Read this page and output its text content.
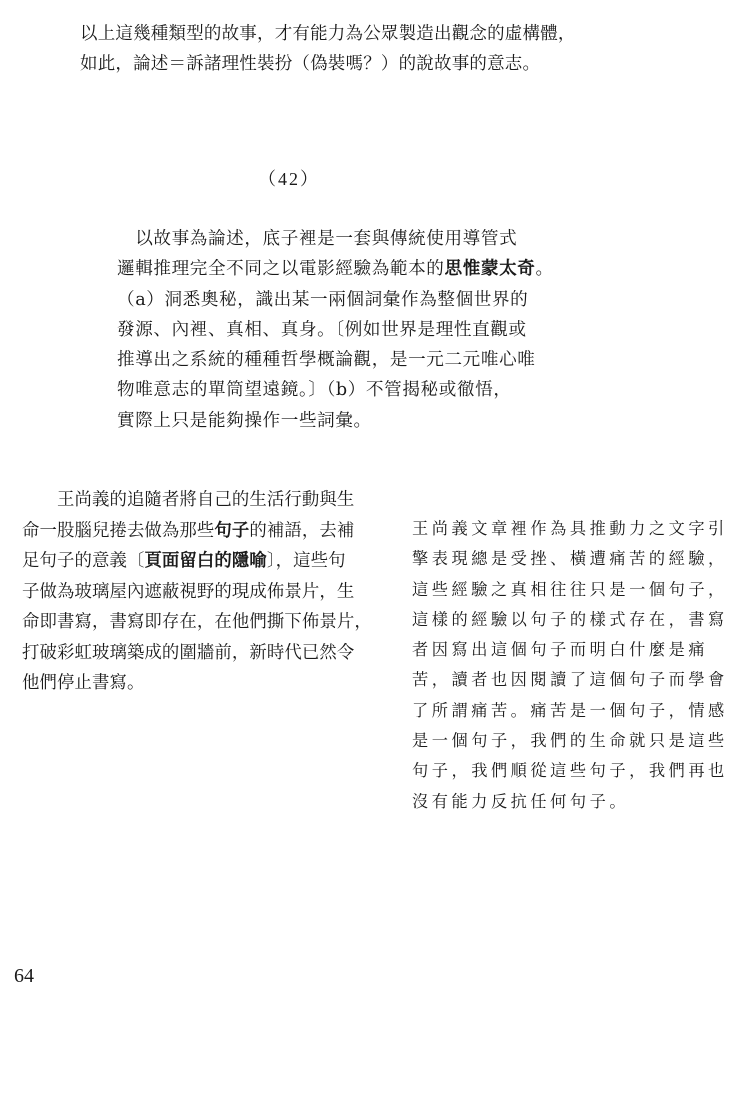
以上這幾種類型的故事，才有能力為公眾製造出觀念的虛構體，
如此，論述＝訴諸理性裝扮（偽裝嗎？）的說故事的意志。
（42）
　以故事為論述，底子裡是一套與傳統使用導管式
邏輯推理完全不同之以電影經驗為範本的思惟蒙太奇。
（a）洞悉奧秘，識出某一兩個詞彙作為整個世界的
發源、內裡、真相、真身。〔例如世界是理性直觀或
推導出之系統的種種哲學概論觀，是一元二元唯心唯
物唯意志的單筒望遠鏡。〕（b）不管揭秘或徹悟，
實際上只是能夠操作一些詞彙。
　　王尚義的追隨者將自己的生活行動與生
命一股腦兒捲去做為那些句子的補語，去補
足句子的意義〔頁面留白的隱喻〕，這些句
子做為玻璃屋內遮蔽視野的現成佈景片，生
命即書寫，書寫即存在，在他們撕下佈景片，
打破彩虹玻璃築成的圍牆前，新時代已然令
他們停止書寫。
王尚義文章裡作為具推動力之文字引
擎表現總是受挫、橫遭痛苦的經驗，
這些經驗之真相往往只是一個句子，
這樣的經驗以句子的樣式存在，書寫
者因寫出這個句子而明白什麼是痛
苦，讀者也因閱讀了這個句子而學會
了所謂痛苦。痛苦是一個句子，情感
是一個句子，我們的生命就只是這些
句子，我們順從這些句子，我們再也
沒有能力反抗任何句子。
64
